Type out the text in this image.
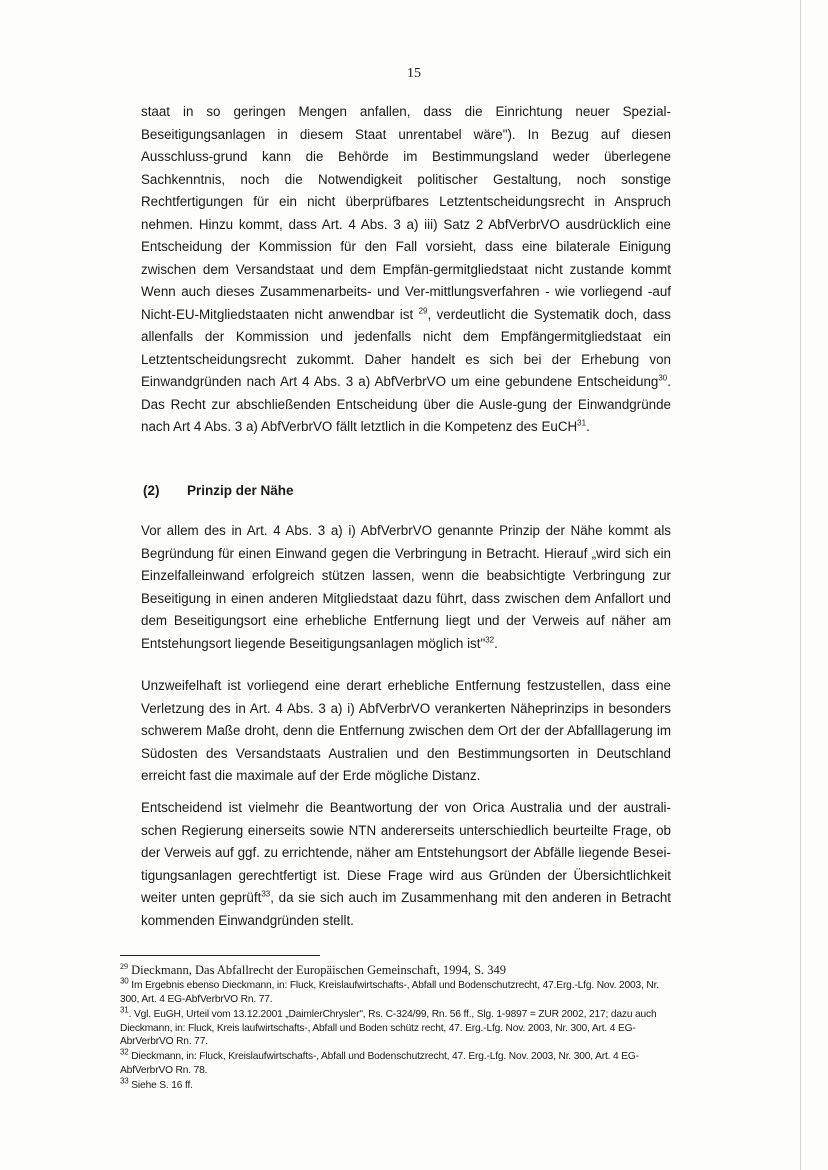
15

staat in so geringen Mengen anfallen, dass die Einrichtung neuer Spezial-Beseitigungsanlagen in diesem Staat unrentabel wäre"). In Bezug auf diesen Ausschluss-grund kann die Behörde im Bestimmungsland weder überlegene Sachkenntnis, noch die Notwendigkeit politischer Gestaltung, noch sonstige Rechtfertigungen für ein nicht überprüfbares Letztentscheidungsrecht in Anspruch nehmen. Hinzu kommt, dass Art. 4 Abs. 3 a) iii) Satz 2 AbfVerbrVO ausdrücklich eine Entscheidung der Kommission für den Fall vorsieht, dass eine bilaterale Einigung zwischen dem Versandstaat und dem Empfän-germitgliedstaat nicht zustande kommt Wenn auch dieses Zusammenarbeits- und Ver-mittlungsverfahren - wie vorliegend -auf Nicht-EU-Mitgliedstaaten nicht anwendbar ist $^{29}$, verdeutlicht die Systematik doch, dass allenfalls der Kommission und jedenfalls nicht dem Empfängermitgliedstaat ein Letztentscheidungsrecht zukommt. Daher handelt es sich bei der Erhebung von Einwandgründen nach Art 4 Abs. 3 a) AbfVerbrVO um eine gebundene Entscheidung$^{30}$. Das Recht zur abschließenden Entscheidung über die Ausle-gung der Einwandgründe nach Art 4 Abs. 3 a) AbfVerbrVO fällt letztlich in die Kompetenz des EuCH$^{31}$.

(2) Prinzip der Nähe

Vor allem des in Art. 4 Abs. 3 a) i) AbfVerbrVO genannte Prinzip der Nähe kommt als Begründung für einen Einwand gegen die Verbringung in Betracht. Hierauf „wird sich ein Einzelfalleinwand erfolgreich stützen lassen, wenn die beabsichtigte Verbringung zur Beseitigung in einen anderen Mitgliedstaat dazu führt, dass zwischen dem Anfallort und dem Beseitigungsort eine erhebliche Entfernung liegt und der Verweis auf näher am Entstehungsort liegende Beseitigungsanlagen möglich ist"$^{32}$.

Unzweifelhaft ist vorliegend eine derart erhebliche Entfernung festzustellen, dass eine Verletzung des in Art. 4 Abs. 3 a) i) AbfVerbrVO verankerten Näheprinzips in besonders schwerem Maße droht, denn die Entfernung zwischen dem Ort der der Abfalllagerung im Südosten des Versandstaats Australien und den Bestimmungsorten in Deutschland erreicht fast die maximale auf der Erde mögliche Distanz.

Entscheidend ist vielmehr die Beantwortung der von Orica Australia und der australi-schen Regierung einerseits sowie NTN andererseits unterschiedlich beurteilte Frage, ob der Verweis auf ggf. zu errichtende, näher am Entstehungsort der Abfälle liegende Besei-tigungsanlagen gerechtfertigt ist. Diese Frage wird aus Gründen der Übersichtlichkeit weiter unten geprüft$^{33}$, da sie sich auch im Zusammenhang mit den anderen in Betracht kommenden Einwandgründen stellt.

$^{29}$ Dieckmann, Das Abfallrecht der Europäischen Gemeinschaft, 1994, S. 349

$^{30}$ Im Ergebnis ebenso Dieckmann, in: Fluck, Kreislaufwirtschafts-, Abfall und Bodenschutzrecht, 47.Erg.-Lfg. Nov. 2003, Nr. 300, Art. 4 EG-AbfVerbrVO Rn. 77.

$^{31}$. Vgl. EuGH, Urteil vom 13.12.2001 „DaimlerChrysler", Rs. C-324/99, Rn. 56 ff., Slg. 1-9897 = ZUR 2002, 217; dazu auch Dieckmann, in: Fluck, Kreis laufwirtschafts-, Abfall und Boden schütz recht, 47. Erg.-Lfg. Nov. 2003, Nr. 300, Art. 4 EG-AbrVerbrVO Rn. 77.

$^{32}$ Dieckmann, in: Fluck, Kreislaufwirtschafts-, Abfall und Bodenschutzrecht, 47. Erg.-Lfg. Nov. 2003, Nr. 300, Art. 4 EG-AbfVerbrVO Rn. 78.

$^{33}$ Siehe S. 16 ff.
